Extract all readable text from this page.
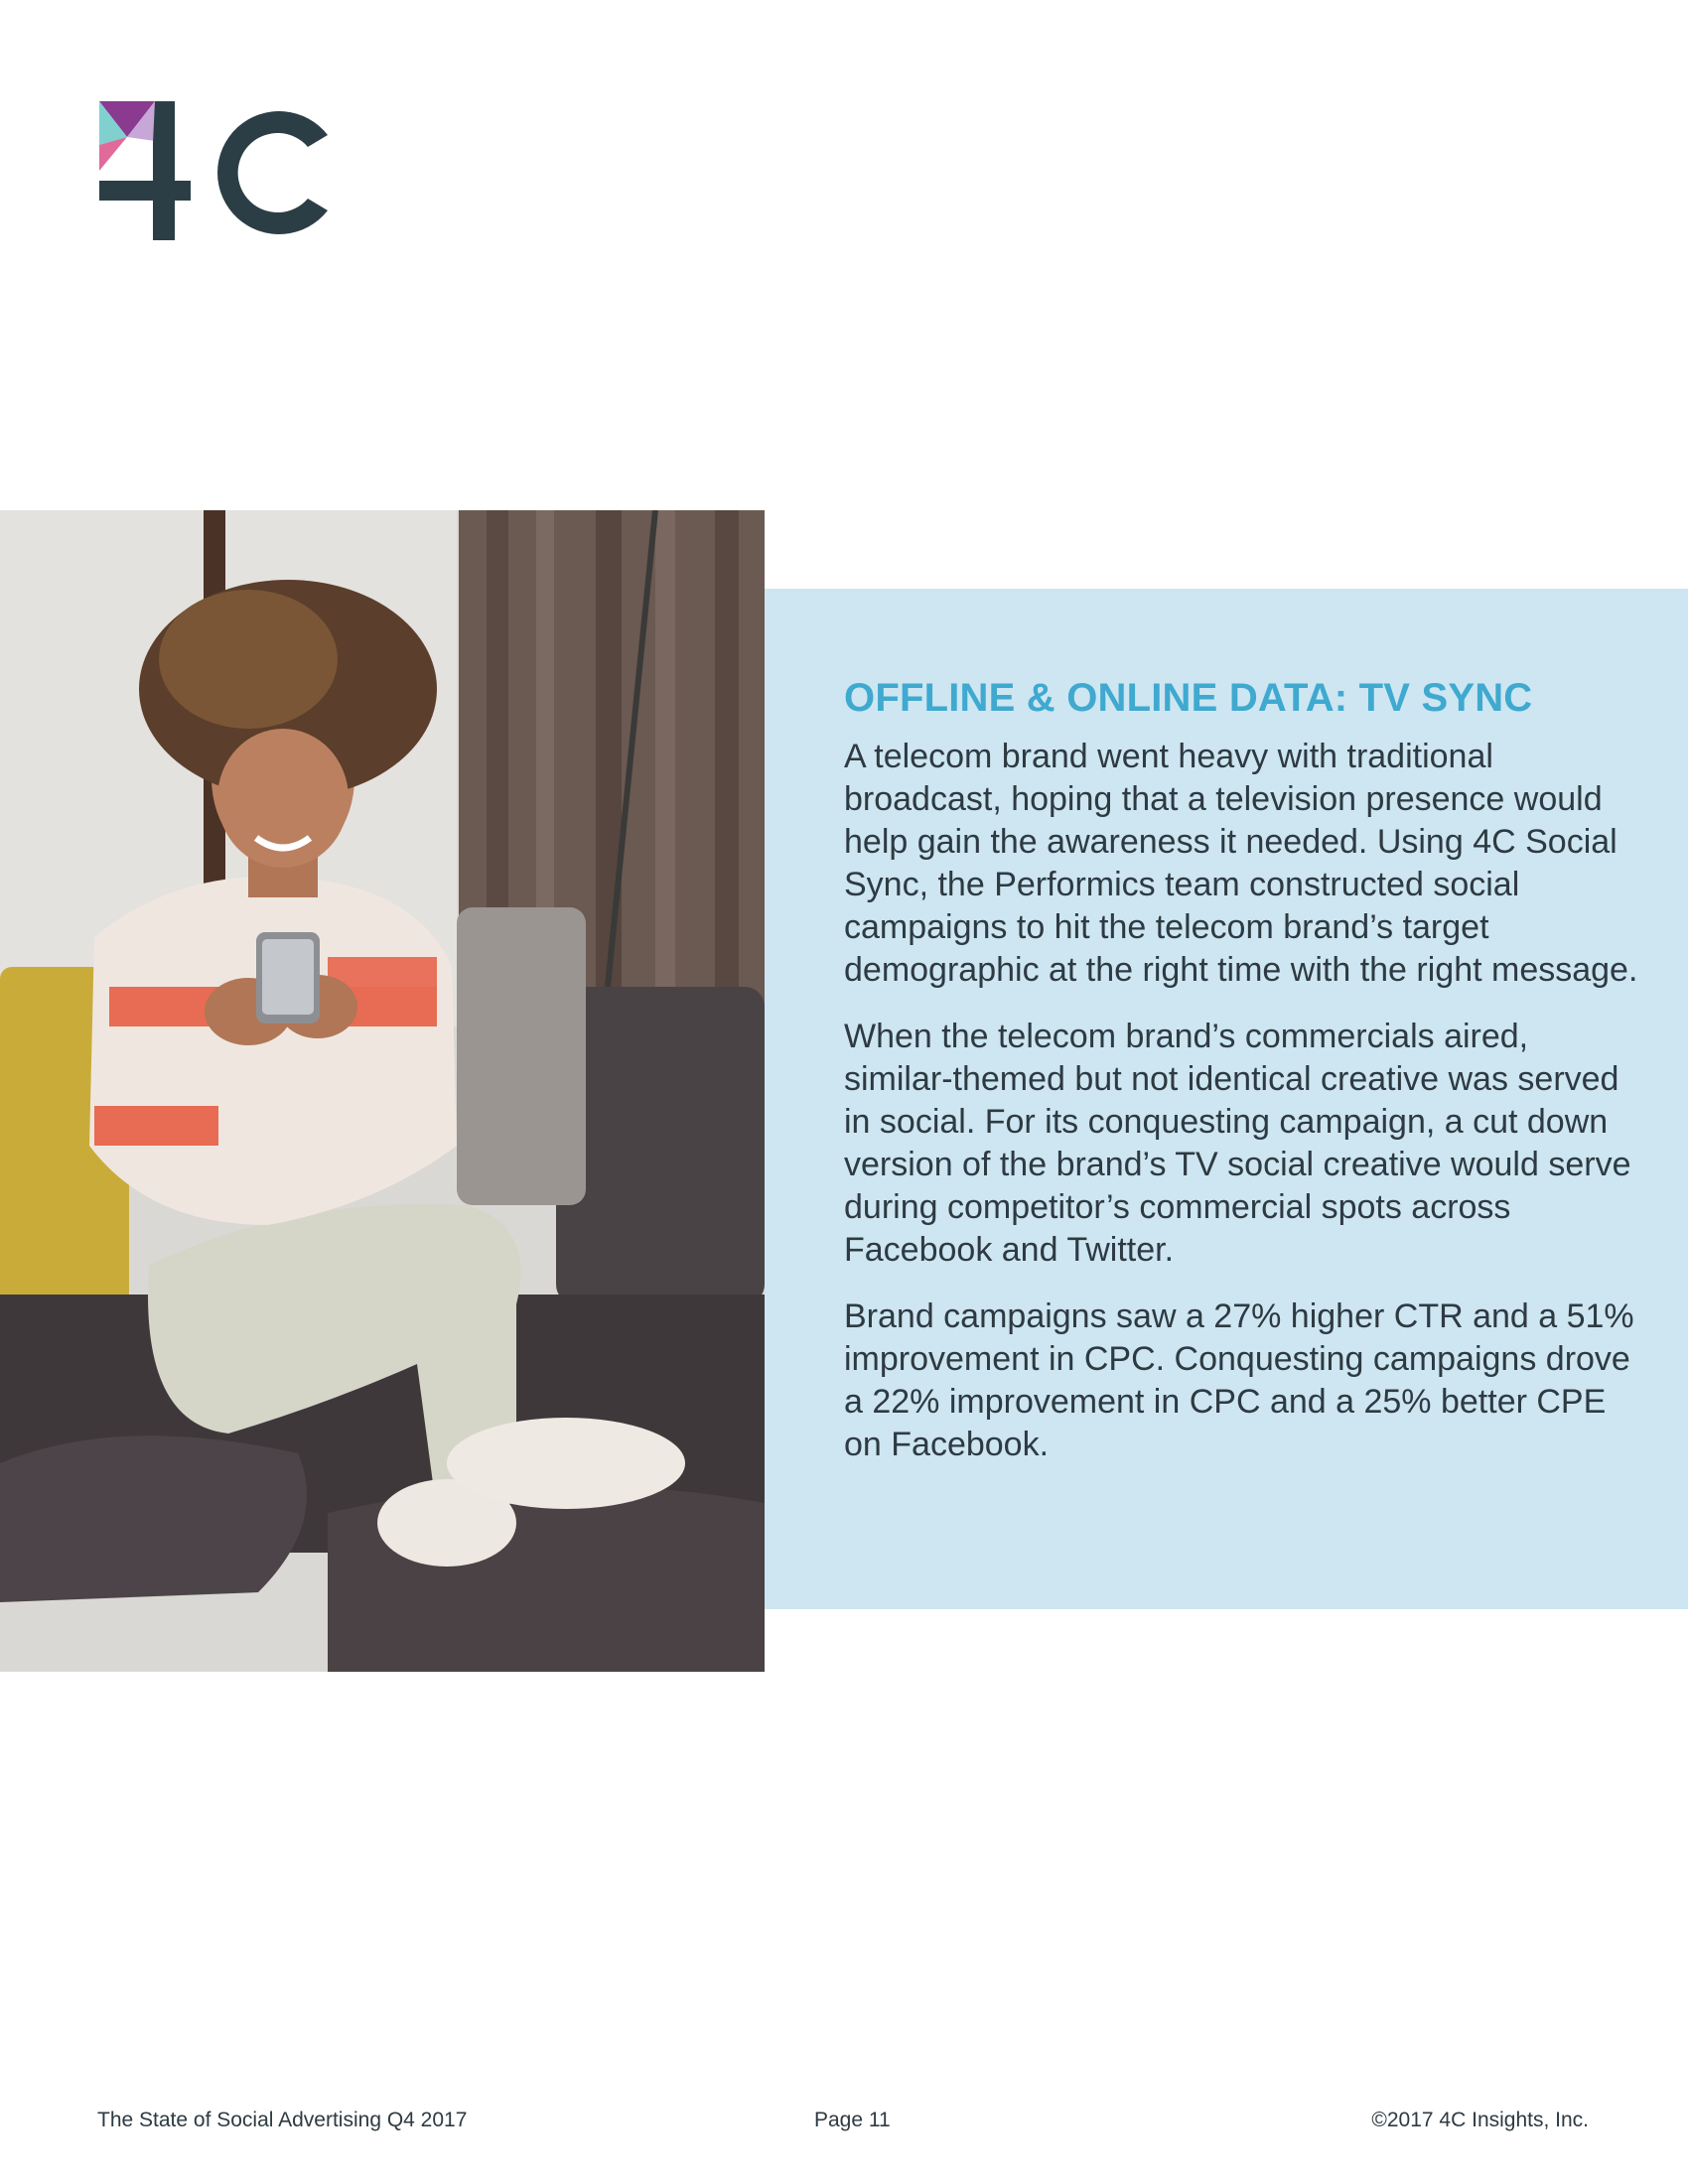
OFFLINE & ONLINE DATA: TV SYNC

A telecom brand went heavy with traditional broadcast, hoping that a television presence would help gain the awareness it needed. Using 4C Social Sync, the Performics team constructed social campaigns to hit the telecom brand’s target demographic at the right time with the right message.

When the telecom brand’s commercials aired, similar-themed but not identical creative was served in social. For its conquesting campaign, a cut down version of the brand’s TV social creative would serve during competitor’s commercial spots across Facebook and Twitter.

Brand campaigns saw a 27% higher CTR and a 51% improvement in CPC. Conquesting campaigns drove a 22% improvement in CPC and a 25% better CPE on Facebook.

The State of Social Advertising Q4 2017	Page 11	©2017 4C Insights, Inc.
